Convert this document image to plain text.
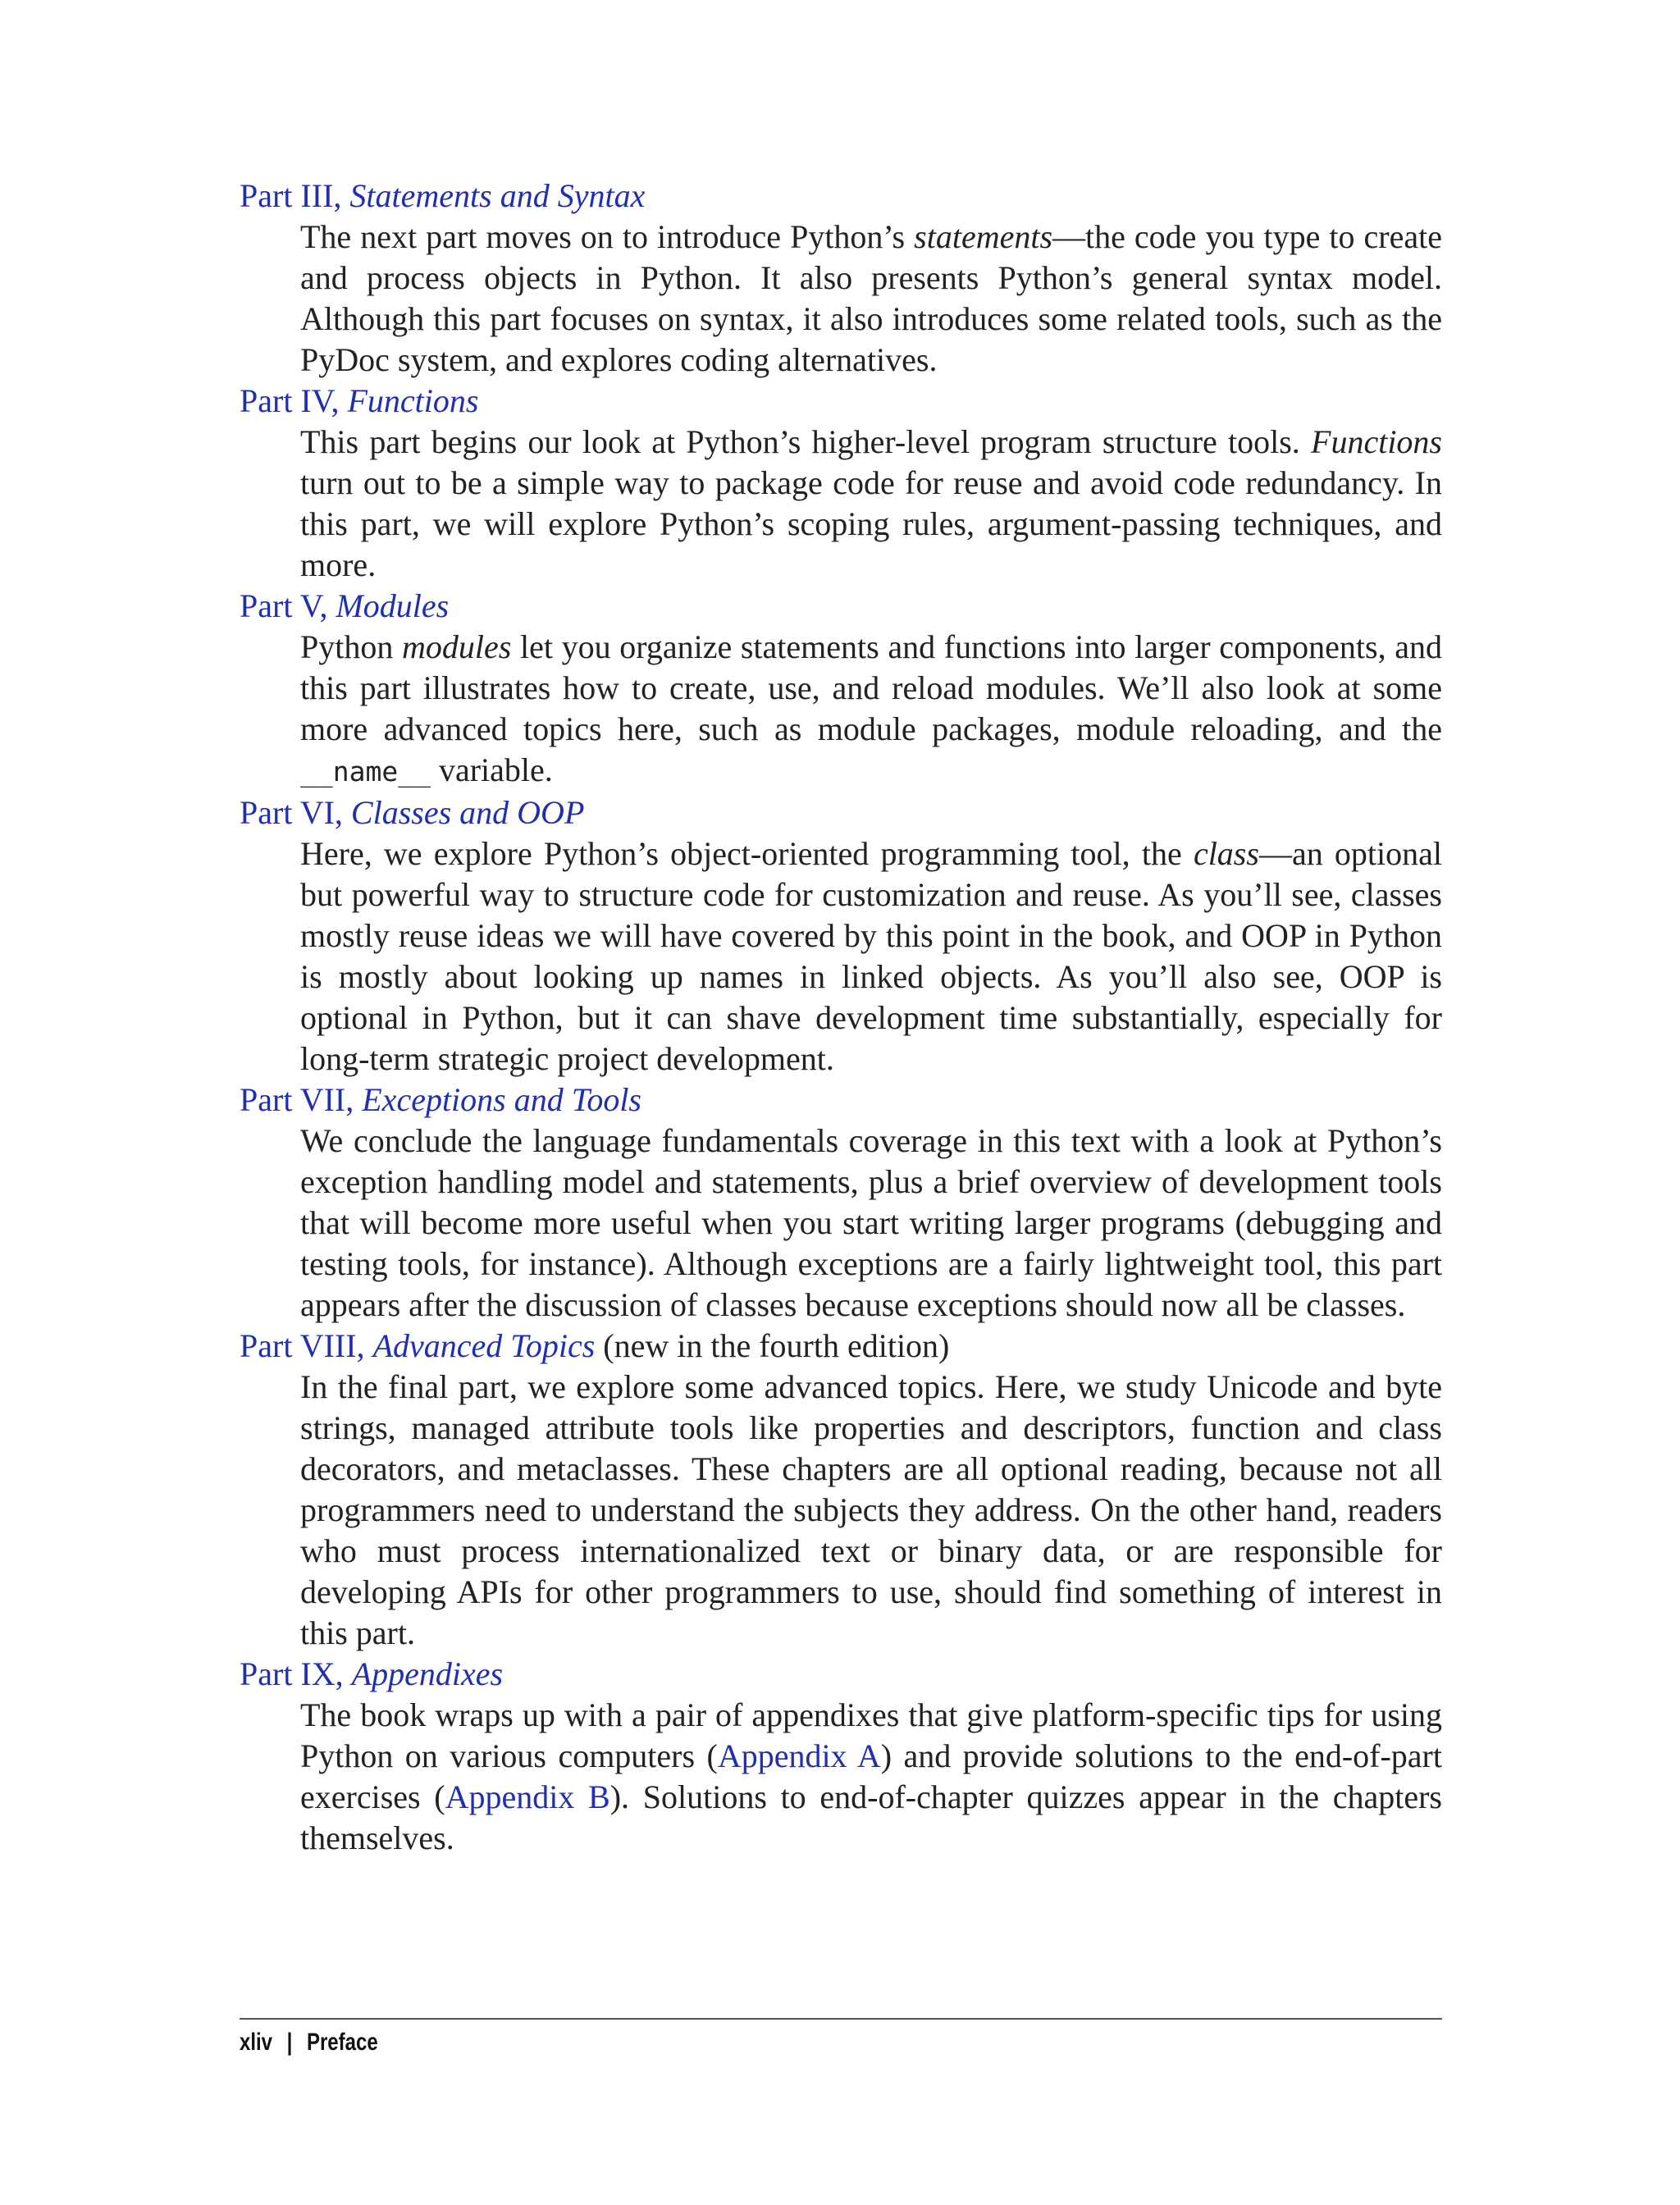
Part III, Statements and Syntax

The next part moves on to introduce Python’s statements—the code you type to create and process objects in Python. It also presents Python’s general syntax model. Although this part focuses on syntax, it also introduces some related tools, such as the PyDoc system, and explores coding alternatives.

Part IV, Functions

This part begins our look at Python’s higher-level program structure tools. Functions turn out to be a simple way to package code for reuse and avoid code redundancy. In this part, we will explore Python’s scoping rules, argument-passing techniques, and more.

Part V, Modules

Python modules let you organize statements and functions into larger components, and this part illustrates how to create, use, and reload modules. We’ll also look at some more advanced topics here, such as module packages, module reloading, and the __name__ variable.

Part VI, Classes and OOP

Here, we explore Python’s object-oriented programming tool, the class—an optional but powerful way to structure code for customization and reuse. As you’ll see, classes mostly reuse ideas we will have covered by this point in the book, and OOP in Python is mostly about looking up names in linked objects. As you’ll also see, OOP is optional in Python, but it can shave development time substantially, especially for long-term strategic project development.

Part VII, Exceptions and Tools

We conclude the language fundamentals coverage in this text with a look at Python’s exception handling model and statements, plus a brief overview of development tools that will become more useful when you start writing larger programs (debugging and testing tools, for instance). Although exceptions are a fairly lightweight tool, this part appears after the discussion of classes because exceptions should now all be classes.

Part VIII, Advanced Topics (new in the fourth edition)

In the final part, we explore some advanced topics. Here, we study Unicode and byte strings, managed attribute tools like properties and descriptors, function and class decorators, and metaclasses. These chapters are all optional reading, because not all programmers need to understand the subjects they address. On the other hand, readers who must process internationalized text or binary data, or are responsible for developing APIs for other programmers to use, should find something of interest in this part.

Part IX, Appendixes

The book wraps up with a pair of appendixes that give platform-specific tips for using Python on various computers (Appendix A) and provide solutions to the end-of-part exercises (Appendix B). Solutions to end-of-chapter quizzes appear in the chapters themselves.

xliv | Preface
